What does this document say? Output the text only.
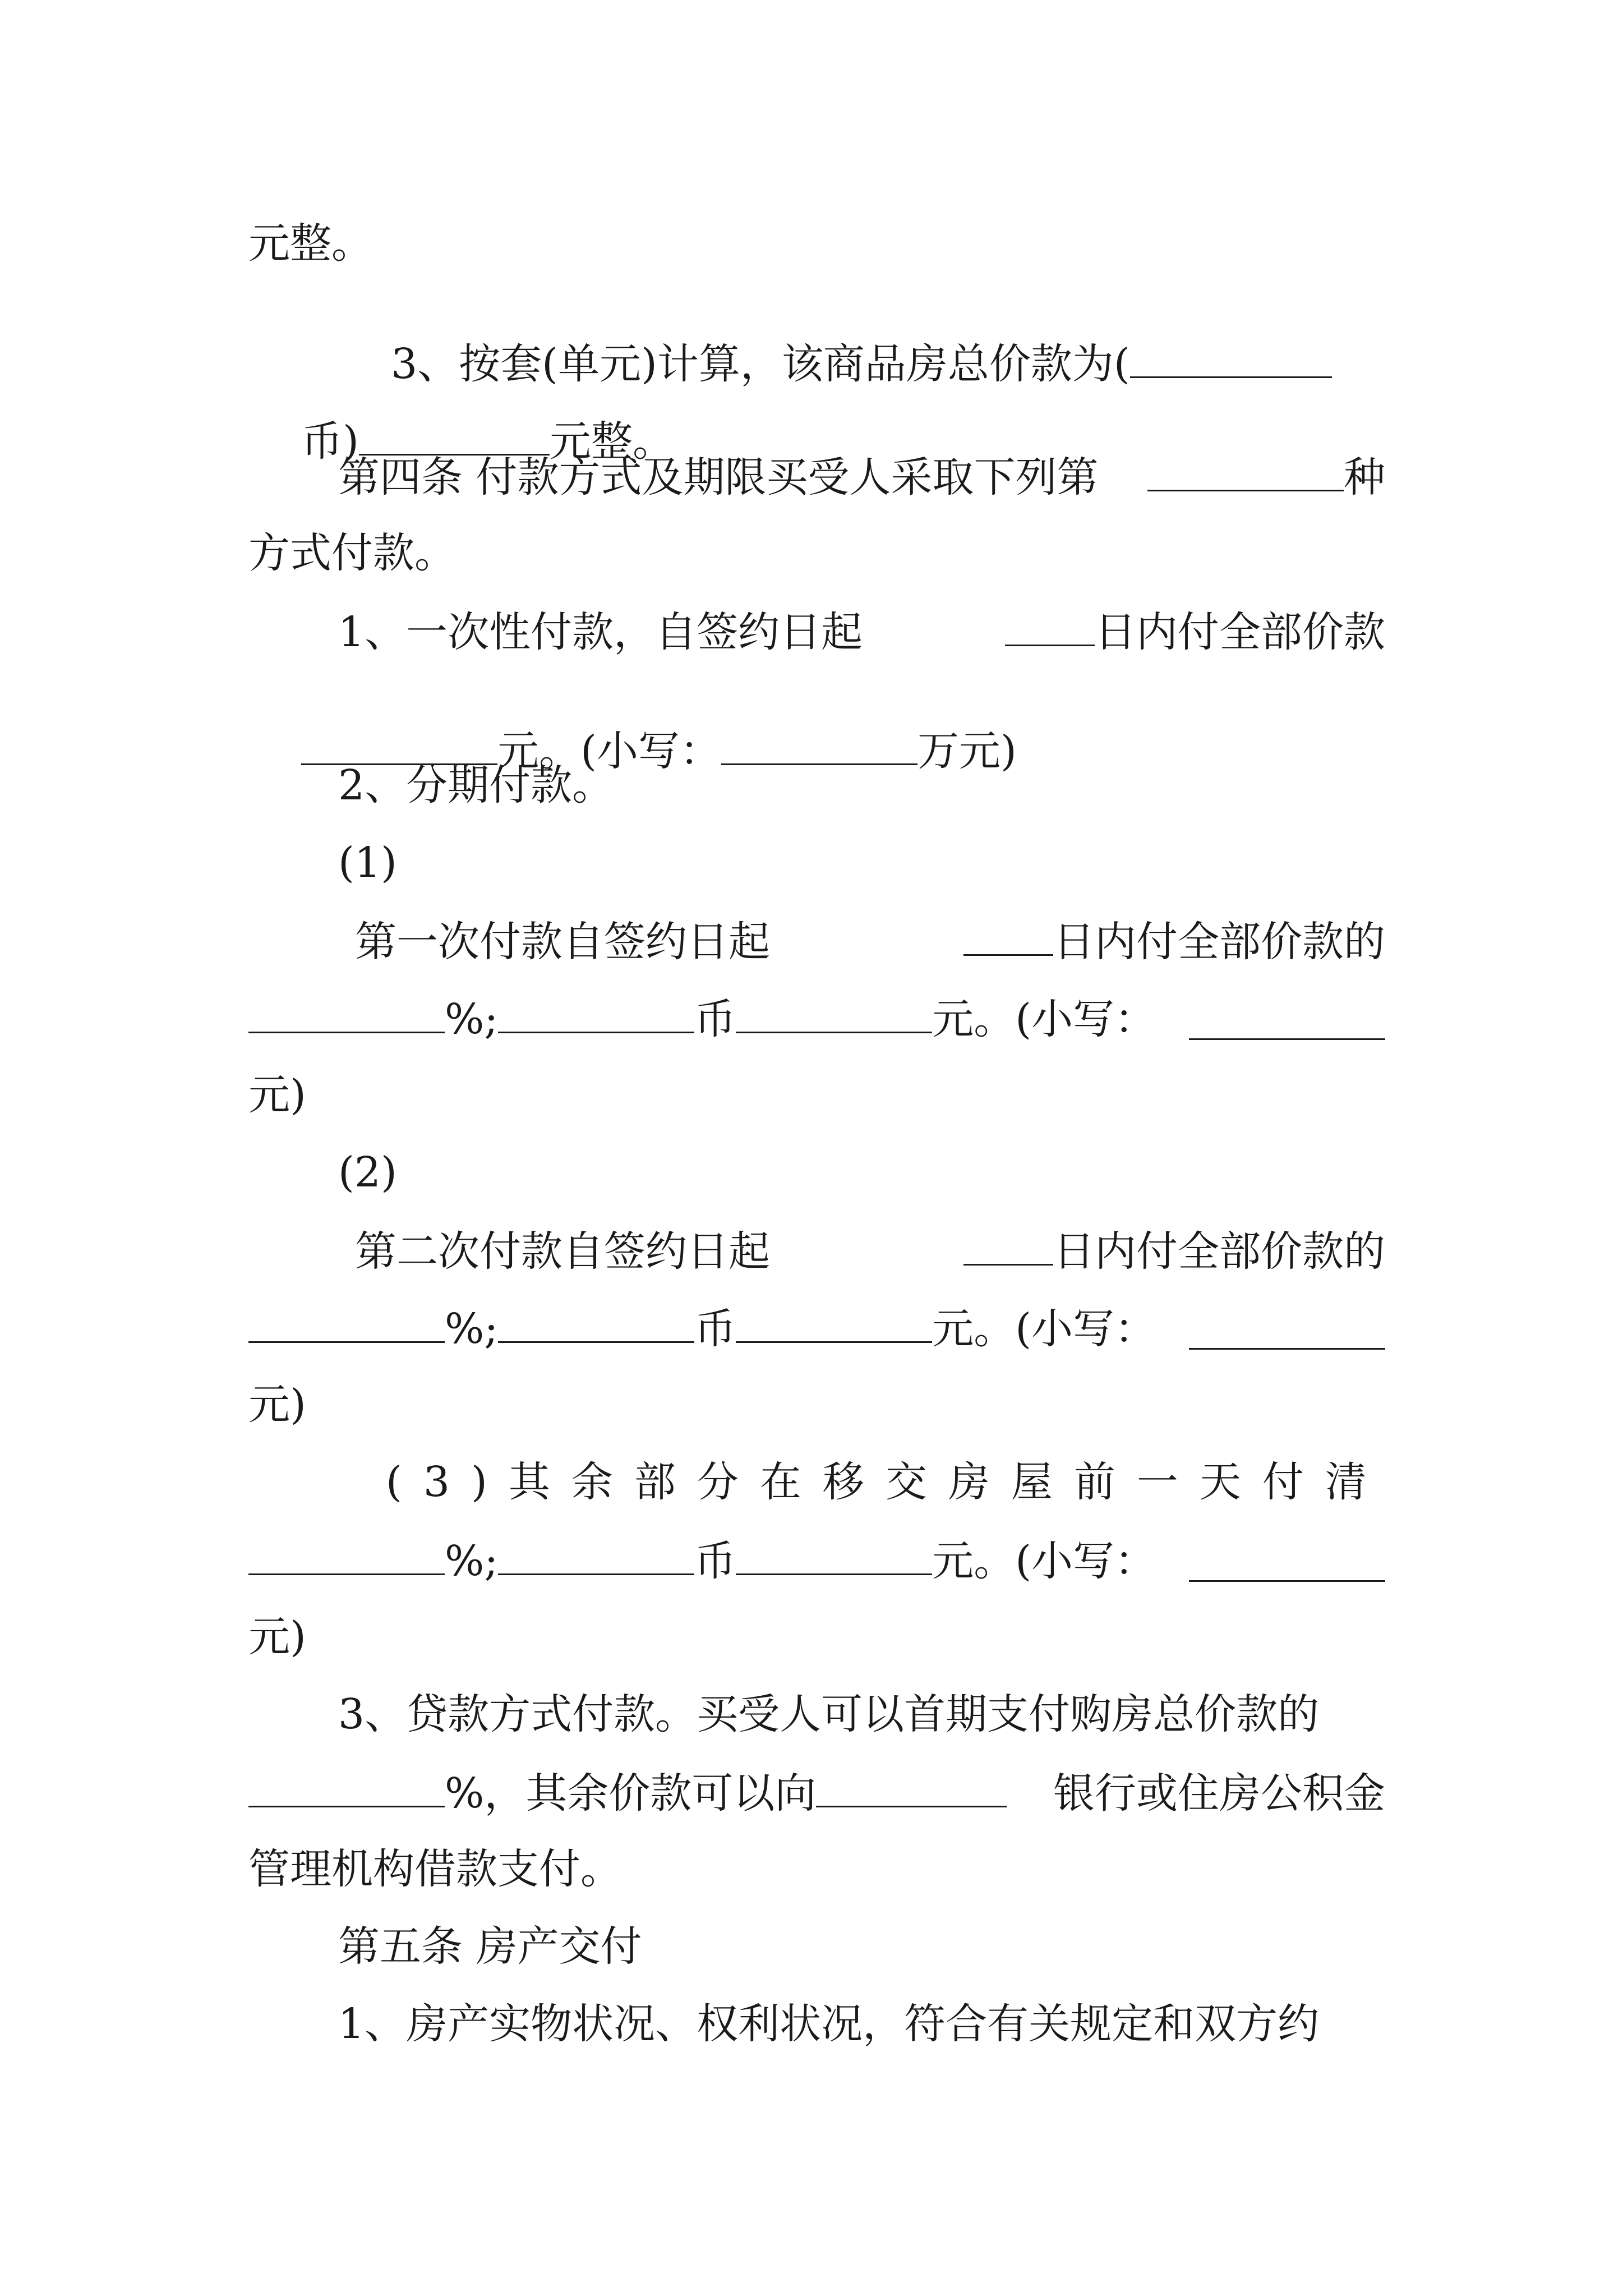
元整。

3、按套(单元)计算，该商品房总价款为(

币)	元整。

第四条 付款方式及期限买受人采取下列第	种
方式付款。
1、一次性付款，自签约日起	日内付全部价款

元。(小写：	万元)

2、分期付款。
(1)
第一次付款自签约日起	日内付全部价款的
%;	币	元。(小写：
元)
(2)
第二次付款自签约日起	日内付全部价款的
%;	币	元。(小写：
元)
(3)其余部分在移交房屋前一天付清
%;	币	元。(小写：
元)
3、贷款方式付款。买受人可以首期支付购房总价款的
%，其余价款可以向	银行或住房公积金
管理机构借款支付。
第五条 房产交付
1、房产实物状况、权利状况，符合有关规定和双方约
